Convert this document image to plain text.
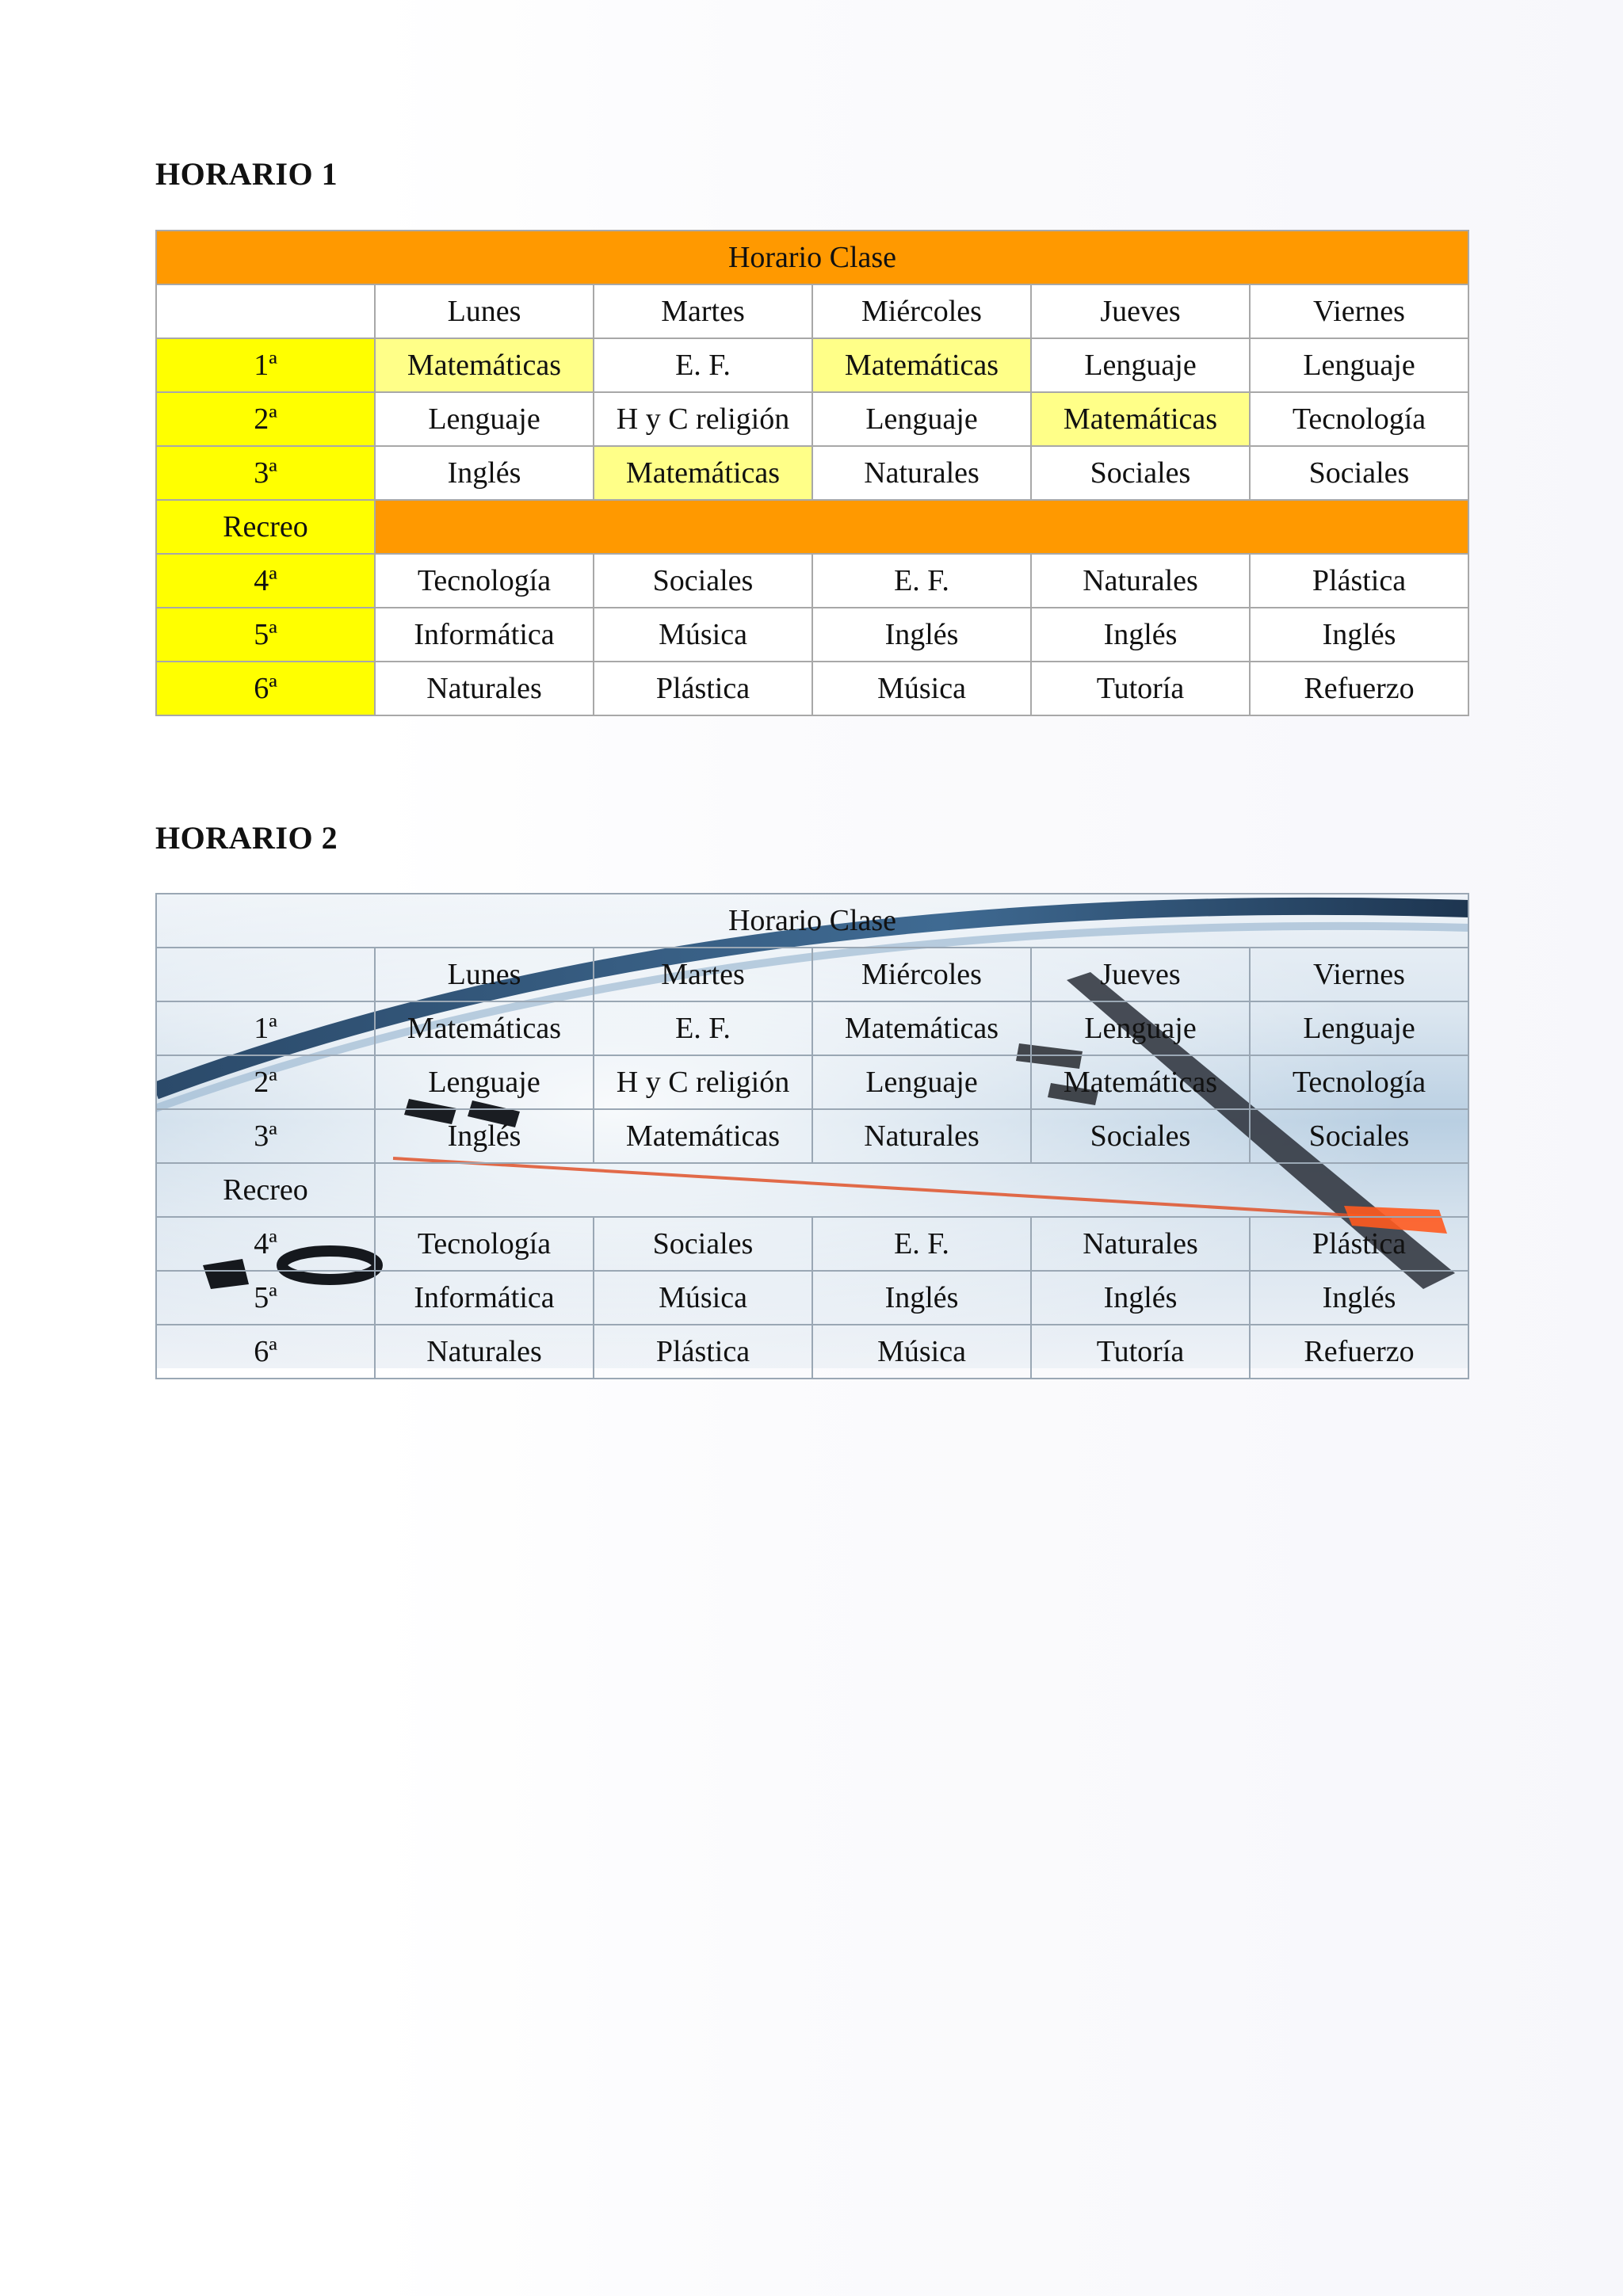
HORARIO 1
Horario Clase					
	Lunes	Martes	Miércoles	Jueves	Viernes
1ª	Matemáticas	E. F.	Matemáticas	Lenguaje	Lenguaje
2ª	Lenguaje	H y C religión	Lenguaje	Matemáticas	Tecnología
3ª	Inglés	Matemáticas	Naturales	Sociales	Sociales
Recreo					
4ª	Tecnología	Sociales	E. F.	Naturales	Plástica
5ª	Informática	Música	Inglés	Inglés	Inglés
6ª	Naturales	Plástica	Música	Tutoría	Refuerzo
HORARIO 2
Horario Clase					
	Lunes	Martes	Miércoles	Jueves	Viernes
1ª	Matemáticas	E. F.	Matemáticas	Lenguaje	Lenguaje
2ª	Lenguaje	H y C religión	Lenguaje	Matemáticas	Tecnología
3ª	Inglés	Matemáticas	Naturales	Sociales	Sociales
Recreo					
4ª	Tecnología	Sociales	E. F.	Naturales	Plástica
5ª	Informática	Música	Inglés	Inglés	Inglés
6ª	Naturales	Plástica	Música	Tutoría	Refuerzo
